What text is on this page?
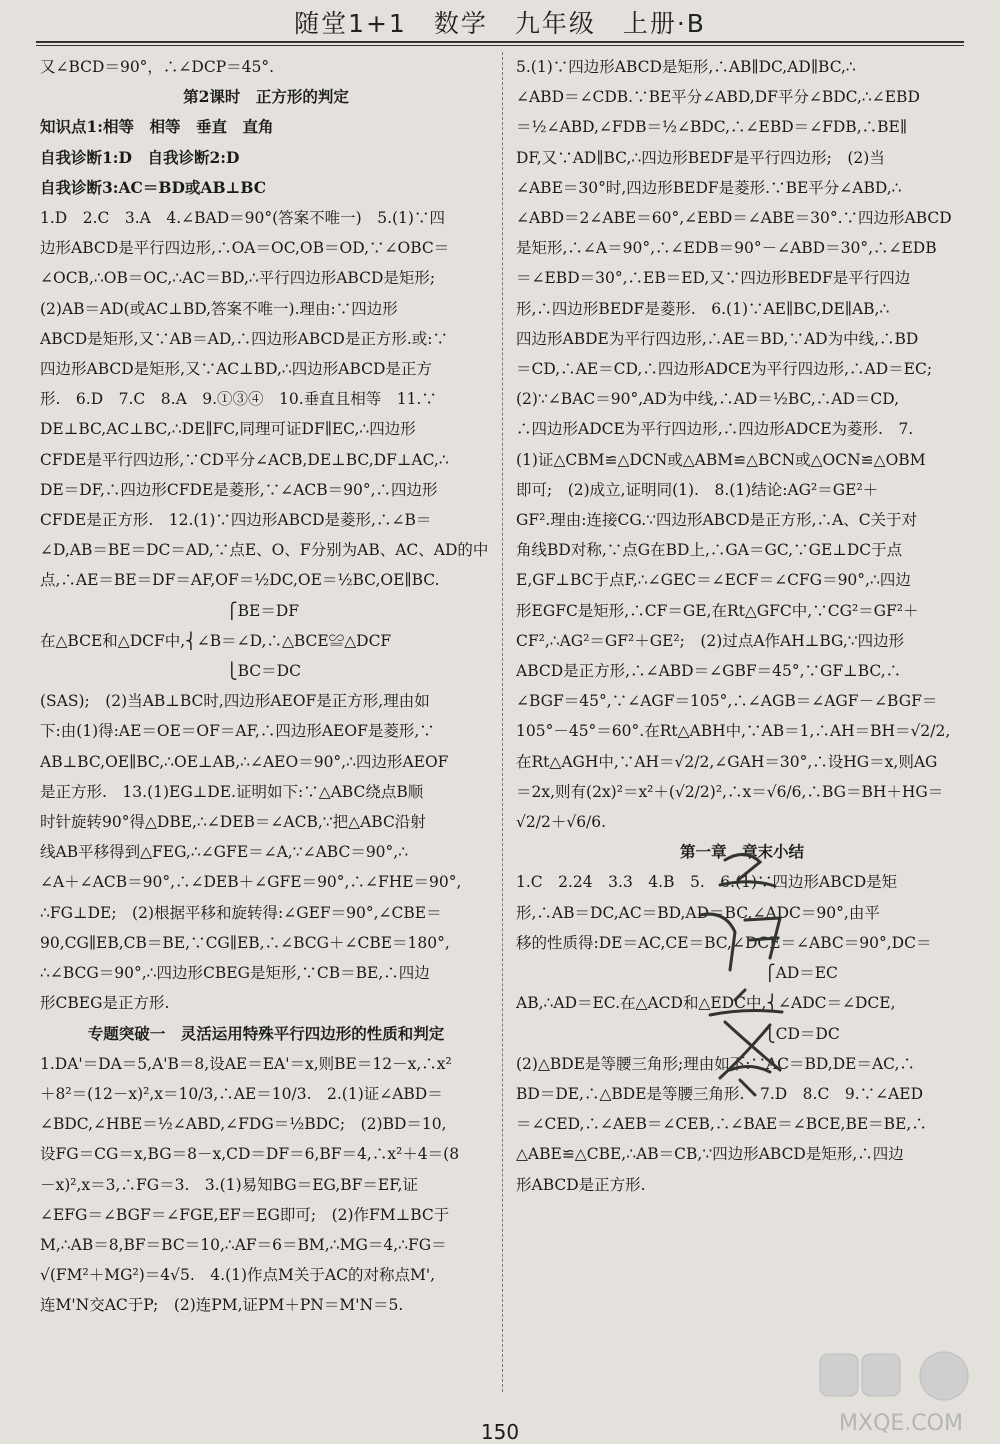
随堂1+1　数学　九年级　上册·B

又∠BCD＝90°，∴∠DCP＝45°.

第2课时　正方形的判定

知识点1:相等　相等　垂直　直角

自我诊断1:D　自我诊断2:D

自我诊断3:AC＝BD或AB⊥BC

1.D　2.C　3.A　4.∠BAD＝90°(答案不唯一)　5.(1)∵四

边形ABCD是平行四边形,∴OA＝OC,OB＝OD,∵∠OBC＝

∠OCB,∴OB＝OC,∴AC＝BD,∴平行四边形ABCD是矩形;

(2)AB＝AD(或AC⊥BD,答案不唯一).理由:∵四边形

ABCD是矩形,又∵AB＝AD,∴四边形ABCD是正方形.或:∵

四边形ABCD是矩形,又∵AC⊥BD,∴四边形ABCD是正方

形.　6.D　7.C　8.A　9.①③④　10.垂直且相等　11.∵

DE⊥BC,AC⊥BC,∴DE∥FC,同理可证DF∥EC,∴四边形

CFDE是平行四边形,∵CD平分∠ACB,DE⊥BC,DF⊥AC,∴

DE＝DF,∴四边形CFDE是菱形,∵∠ACB＝90°,∴四边形

CFDE是正方形.　12.(1)∵四边形ABCD是菱形,∴∠B＝

∠D,AB＝BE＝DC＝AD,∵点E、O、F分别为AB、AC、AD的中

点,∴AE＝BE＝DF＝AF,OF＝½DC,OE＝½BC,OE∥BC.

　　　　　　　　　　　　⎧BE＝DF

在△BCE和△DCF中,⎨∠B＝∠D,∴△BCE≌△DCF

　　　　　　　　　　　　⎩BC＝DC

(SAS);　(2)当AB⊥BC时,四边形AEOF是正方形,理由如

下:由(1)得:AE＝OE＝OF＝AF,∴四边形AEOF是菱形,∵

AB⊥BC,OE∥BC,∴OE⊥AB,∴∠AEO＝90°,∴四边形AEOF

是正方形.　13.(1)EG⊥DE.证明如下:∵△ABC绕点B顺

时针旋转90°得△DBE,∴∠DEB＝∠ACB,∵把△ABC沿射

线AB平移得到△FEG,∴∠GFE＝∠A,∵∠ABC＝90°,∴

∠A＋∠ACB＝90°,∴∠DEB＋∠GFE＝90°,∴∠FHE＝90°,

∴FG⊥DE;　(2)根据平移和旋转得:∠GEF＝90°,∠CBE＝

90,CG∥EB,CB＝BE,∵CG∥EB,∴∠BCG＋∠CBE＝180°,

∴∠BCG＝90°,∴四边形CBEG是矩形,∵CB＝BE,∴四边

形CBEG是正方形.

专题突破一　灵活运用特殊平行四边形的性质和判定

1.DA'＝DA＝5,A'B＝8,设AE＝EA'＝x,则BE＝12－x,∴x²

＋8²＝(12－x)²,x＝10/3,∴AE＝10/3.　2.(1)证∠ABD＝

∠BDC,∠HBE＝½∠ABD,∠FDG＝½BDC;　(2)BD＝10,

设FG＝CG＝x,BG＝8－x,CD＝DF＝6,BF＝4,∴x²＋4＝(8

－x)²,x＝3,∴FG＝3.　3.(1)易知BG＝EG,BF＝EF,证

∠EFG＝∠BGF＝∠FGE,EF＝EG即可;　(2)作FM⊥BC于

M,∴AB＝8,BF＝BC＝10,∴AF＝6＝BM,∴MG＝4,∴FG＝

√(FM²＋MG²)＝4√5.　4.(1)作点M关于AC的对称点M',

连M'N交AC于P;　(2)连PM,证PM＋PN＝M'N＝5.

5.(1)∵四边形ABCD是矩形,∴AB∥DC,AD∥BC,∴

∠ABD＝∠CDB.∵BE平分∠ABD,DF平分∠BDC,∴∠EBD

＝½∠ABD,∠FDB＝½∠BDC,∴∠EBD＝∠FDB,∴BE∥

DF,又∵AD∥BC,∴四边形BEDF是平行四边形;　(2)当

∠ABE＝30°时,四边形BEDF是菱形.∵BE平分∠ABD,∴

∠ABD＝2∠ABE＝60°,∠EBD＝∠ABE＝30°.∵四边形ABCD

是矩形,∴∠A＝90°,∴∠EDB＝90°－∠ABD＝30°,∴∠EDB

＝∠EBD＝30°,∴EB＝ED,又∵四边形BEDF是平行四边

形,∴四边形BEDF是菱形.　6.(1)∵AE∥BC,DE∥AB,∴

四边形ABDE为平行四边形,∴AE＝BD,∵AD为中线,∴BD

＝CD,∴AE＝CD,∴四边形ADCE为平行四边形,∴AD＝EC;

(2)∵∠BAC＝90°,AD为中线,∴AD＝½BC,∴AD＝CD,

∴四边形ADCE为平行四边形,∴四边形ADCE为菱形.　7.

(1)证△CBM≌△DCN或△ABM≌△BCN或△OCN≌△OBM

即可;　(2)成立,证明同(1).　8.(1)结论:AG²＝GE²＋

GF².理由:连接CG.∵四边形ABCD是正方形,∴A、C关于对

角线BD对称,∵点G在BD上,∴GA＝GC,∵GE⊥DC于点

E,GF⊥BC于点F,∴∠GEC＝∠ECF＝∠CFG＝90°,∴四边

形EGFC是矩形,∴CF＝GE,在Rt△GFC中,∵CG²＝GF²＋

CF²,∴AG²＝GF²＋GE²;　(2)过点A作AH⊥BG,∵四边形

ABCD是正方形,∴∠ABD＝∠GBF＝45°,∵GF⊥BC,∴

∠BGF＝45°,∵∠AGF＝105°,∴∠AGB＝∠AGF－∠BGF＝

105°－45°＝60°.在Rt△ABH中,∵AB＝1,∴AH＝BH＝√2/2,

在Rt△AGH中,∵AH＝√2/2,∠GAH＝30°,∴设HG＝x,则AG

＝2x,则有(2x)²＝x²＋(√2/2)²,∴x＝√6/6,∴BG＝BH＋HG＝

√2/2＋√6/6.

第一章　章末小结

1.C　2.24　3.3　4.B　5.　6.(1)∵四边形ABCD是矩

形,∴AB＝DC,AC＝BD,AD＝BC,∠ADC＝90°,由平

移的性质得:DE＝AC,CE＝BC,∠DCE＝∠ABC＝90°,DC＝

　　　　　　　　　　　　　　　　⎧AD＝EC

AB,∴AD＝EC.在△ACD和△EDC中,⎨∠ADC＝∠DCE,

　　　　　　　　　　　　　　　　⎩CD＝DC

(2)△BDE是等腰三角形;理由如下:∵AC＝BD,DE＝AC,∴

BD＝DE,∴△BDE是等腰三角形.　7.D　8.C　9.∵∠AED

＝∠CED,∴∠AEB＝∠CEB,∴∠BAE＝∠BCE,BE＝BE,∴

△ABE≌△CBE,∴AB＝CB,∵四边形ABCD是矩形,∴四边

形ABCD是正方形.

MXQE.COM
150
